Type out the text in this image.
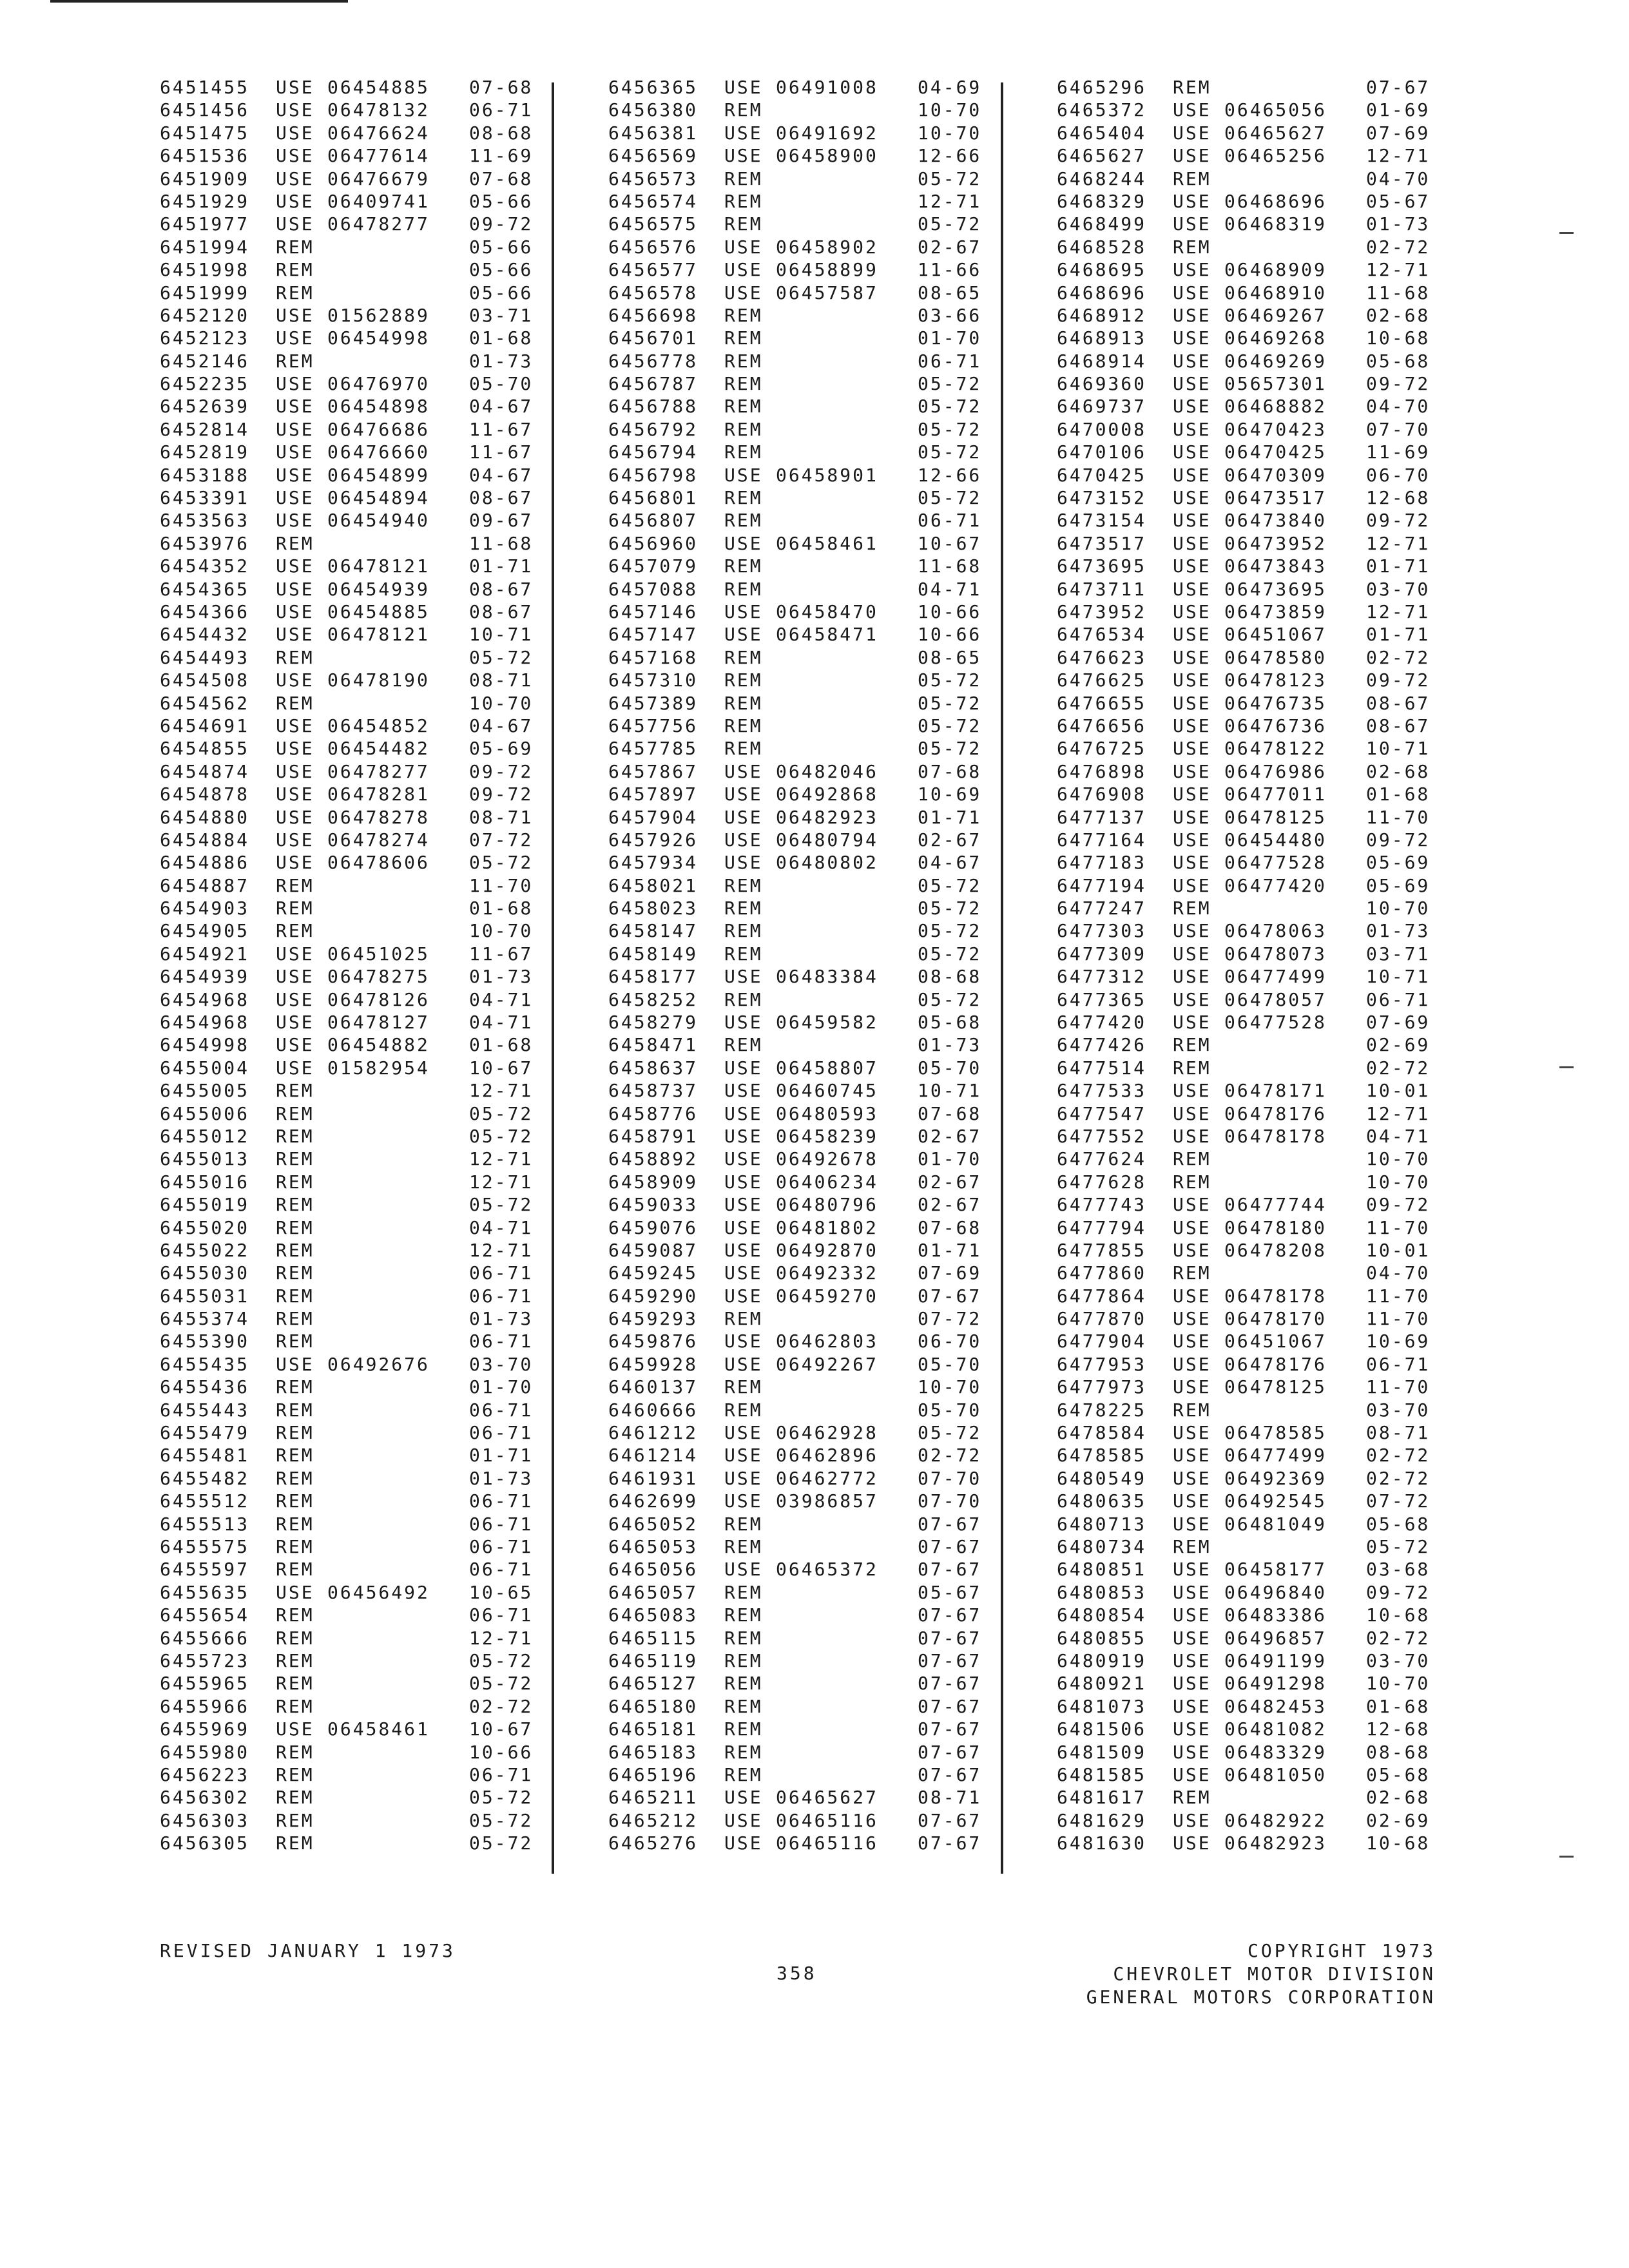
6451455 USE 06454885 07-68
6451456 USE 06478132 06-71
6451475 USE 06476624 08-68
6451536 USE 06477614 11-69
6451909 USE 06476679 07-68
6451929 USE 06409741 05-66
6451977 USE 06478277 09-72
6451994 REM	05-66
6451998 REM	05-66
6451999 REM	05-66
6452120 USE 01562889 03-71
6452123 USE 06454998 01-68
6452146 REM	01-73
6452235 USE 06476970 05-70
6452639 USE 06454898 04-67
6452814 USE 06476686 11-67
6452819 USE 06476660 11-67
6453188 USE 06454899 04-67
6453391 USE 06454894 08-67
6453563 USE 06454940 09-67
6453976 REM	11-68
6454352 USE 06478121 01-71
6454365 USE 06454939 08-67
6454366 USE 06454885 08-67
6454432 USE 06478121 10-71
6454493 REM	05-72
6454508 USE 06478190 08-71
6454562 REM	10-70
6454691 USE 06454852 04-67
6454855 USE 06454482 05-69
6454874 USE 06478277 09-72
6454878 USE 06478281 09-72
6454880 USE 06478278 08-71
6454884 USE 06478274 07-72
6454886 USE 06478606 05-72
6454887 REM	11-70
6454903 REM	01-68
6454905 REM	10-70
6454921 USE 06451025 11-67
6454939 USE 06478275 01-73
6454968 USE 06478126 04-71
6454968 USE 06478127 04-71
6454998 USE 06454882 01-68
6455004 USE 01582954 10-67
6455005 REM	12-71
6455006 REM	05-72
6455012 REM	05-72
6455013 REM	12-71
6455016 REM	12-71
6455019 REM	05-72
6455020 REM	04-71
6455022 REM	12-71
6455030 REM	06-71
6455031 REM	06-71
6455374 REM	01-73
6455390 REM	06-71
6455435 USE 06492676 03-70
6455436 REM	01-70
6455443 REM	06-71
6455479 REM	06-71
6455481 REM	01-71
6455482 REM	01-73
6455512 REM	06-71
6455513 REM	06-71
6455575 REM	06-71
6455597 REM	06-71
6455635 USE 06456492 10-65
6455654 REM	06-71
6455666 REM	12-71
6455723 REM	05-72
6455965 REM	05-72
6455966 REM	02-72
6455969 USE 06458461 10-67
6455980 REM	10-66
6456223 REM	06-71
6456302 REM	05-72
6456303 REM	05-72
6456305 REM	05-72
6456365 USE 06491008 04-69
6456380 REM	10-70
6456381 USE 06491692 10-70
6456569 USE 06458900 12-66
6456573 REM	05-72
6456574 REM	12-71
6456575 REM	05-72
6456576 USE 06458902 02-67
6456577 USE 06458899 11-66
6456578 USE 06457587 08-65
6456698 REM	03-66
6456701 REM	01-70
6456778 REM	06-71
6456787 REM	05-72
6456788 REM	05-72
6456792 REM	05-72
6456794 REM	05-72
6456798 USE 06458901 12-66
6456801 REM	05-72
6456807 REM	06-71
6456960 USE 06458461 10-67
6457079 REM	11-68
6457088 REM	04-71
6457146 USE 06458470 10-66
6457147 USE 06458471 10-66
6457168 REM	08-65
6457310 REM	05-72
6457389 REM	05-72
6457756 REM	05-72
6457785 REM	05-72
6457867 USE 06482046 07-68
6457897 USE 06492868 10-69
6457904 USE 06482923 01-71
6457926 USE 06480794 02-67
6457934 USE 06480802 04-67
6458021 REM	05-72
6458023 REM	05-72
6458147 REM	05-72
6458149 REM	05-72
6458177 USE 06483384 08-68
6458252 REM	05-72
6458279 USE 06459582 05-68
6458471 REM	01-73
6458637 USE 06458807 05-70
6458737 USE 06460745 10-71
6458776 USE 06480593 07-68
6458791 USE 06458239 02-67
6458892 USE 06492678 01-70
6458909 USE 06406234 02-67
6459033 USE 06480796 02-67
6459076 USE 06481802 07-68
6459087 USE 06492870 01-71
6459245 USE 06492332 07-69
6459290 USE 06459270 07-67
6459293 REM	07-72
6459876 USE 06462803 06-70
6459928 USE 06492267 05-70
6460137 REM	10-70
6460666 REM	05-70
6461212 USE 06462928 05-72
6461214 USE 06462896 02-72
6461931 USE 06462772 07-70
6462699 USE 03986857 07-70
6465052 REM	07-67
6465053 REM	07-67
6465056 USE 06465372 07-67
6465057 REM	05-67
6465083 REM	07-67
6465115 REM	07-67
6465119 REM	07-67
6465127 REM	07-67
6465180 REM	07-67
6465181 REM	07-67
6465183 REM	07-67
6465196 REM	07-67
6465211 USE 06465627 08-71
6465212 USE 06465116 07-67
6465276 USE 06465116 07-67
6465296 REM	07-67
6465372 USE 06465056 01-69
6465404 USE 06465627 07-69
6465627 USE 06465256 12-71
6468244 REM	04-70
6468329 USE 06468696 05-67
6468499 USE 06468319 01-73
6468528 REM	02-72
6468695 USE 06468909 12-71
6468696 USE 06468910 11-68
6468912 USE 06469267 02-68
6468913 USE 06469268 10-68
6468914 USE 06469269 05-68
6469360 USE 05657301 09-72
6469737 USE 06468882 04-70
6470008 USE 06470423 07-70
6470106 USE 06470425 11-69
6470425 USE 06470309 06-70
6473152 USE 06473517 12-68
6473154 USE 06473840 09-72
6473517 USE 06473952 12-71
6473695 USE 06473843 01-71
6473711 USE 06473695 03-70
6473952 USE 06473859 12-71
6476534 USE 06451067 01-71
6476623 USE 06478580 02-72
6476625 USE 06478123 09-72
6476655 USE 06476735 08-67
6476656 USE 06476736 08-67
6476725 USE 06478122 10-71
6476898 USE 06476986 02-68
6476908 USE 06477011 01-68
6477137 USE 06478125 11-70
6477164 USE 06454480 09-72
6477183 USE 06477528 05-69
6477194 USE 06477420 05-69
6477247 REM	10-70
6477303 USE 06478063 01-73
6477309 USE 06478073 03-71
6477312 USE 06477499 10-71
6477365 USE 06478057 06-71
6477420 USE 06477528 07-69
6477426 REM	02-69
6477514 REM	02-72
6477533 USE 06478171 10-01
6477547 USE 06478176 12-71
6477552 USE 06478178 04-71
6477624 REM	10-70
6477628 REM	10-70
6477743 USE 06477744 09-72
6477794 USE 06478180 11-70
6477855 USE 06478208 10-01
6477860 REM	04-70
6477864 USE 06478178 11-70
6477870 USE 06478170 11-70
6477904 USE 06451067 10-69
6477953 USE 06478176 06-71
6477973 USE 06478125 11-70
6478225 REM	03-70
6478584 USE 06478585 08-71
6478585 USE 06477499 02-72
6480549 USE 06492369 02-72
6480635 USE 06492545 07-72
6480713 USE 06481049 05-68
6480734 REM	05-72
6480851 USE 06458177 03-68
6480853 USE 06496840 09-72
6480854 USE 06483386 10-68
6480855 USE 06496857 02-72
6480919 USE 06491199 03-70
6480921 USE 06491298 10-70
6481073 USE 06482453 01-68
6481506 USE 06481082 12-68
6481509 USE 06483329 08-68
6481585 USE 06481050 05-68
6481617 REM	02-68
6481629 USE 06482922 02-69
6481630 USE 06482923 10-68
REVISED JANUARY 1 1973
358
COPYRIGHT 1973
CHEVROLET MOTOR DIVISION
GENERAL MOTORS CORPORATION
